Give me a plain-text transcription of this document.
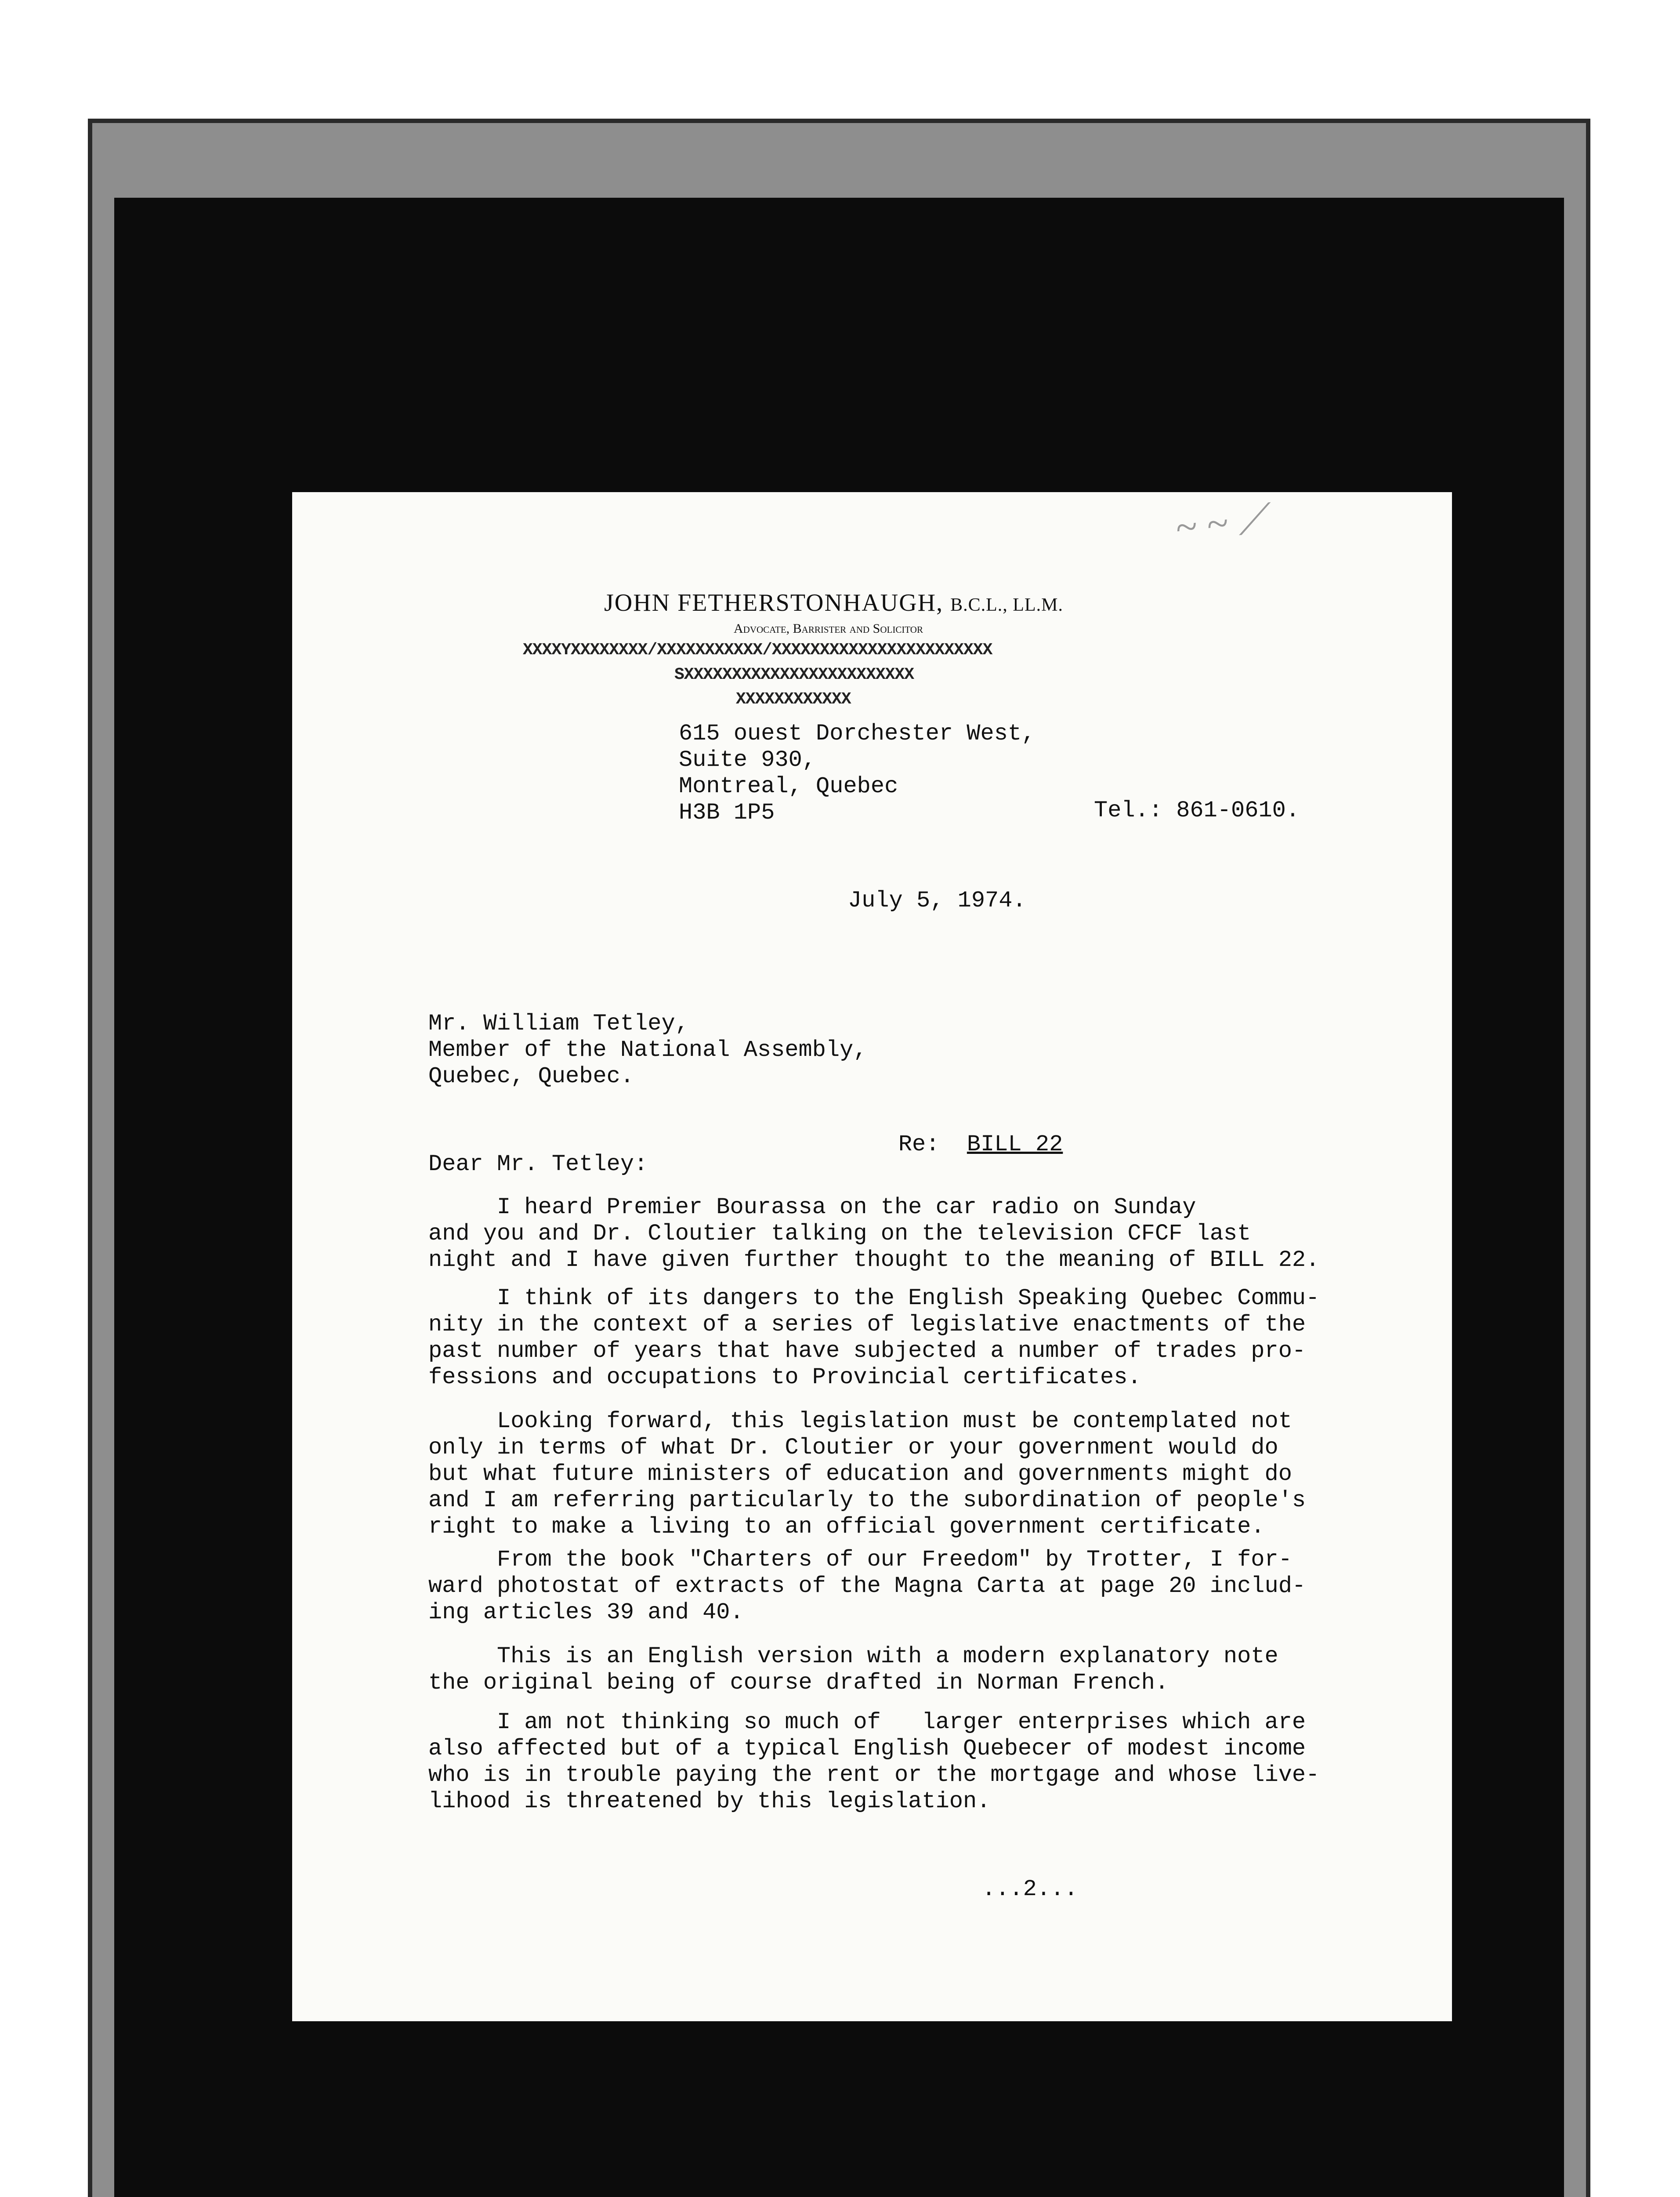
~ ~ ⟋
JOHN FETHERSTONHAUGH, B.C.L., LL.M.
Advocate, Barrister and Solicitor
XXXXYXXXXXXXX/XXXXXXXXXXX/XXXXXXXXXXXXXXXXXXXXXXX
SXXXXXXXXXXXXXXXXXXXXXXXX
XXXXXXXXXXXX
615 ouest Dorchester West,
Suite 930,
Montreal, Quebec
H3B 1P5	Tel.: 861-0610.
July 5, 1974.
Mr. William Tetley,
Member of the National Assembly,
Quebec, Quebec.

Re: BILL 22

Dear Mr. Tetley:
I heard Premier Bourassa on the car radio on Sunday
and you and Dr. Cloutier talking on the television CFCF last
night and I have given further thought to the meaning of BILL 22.
I think of its dangers to the English Speaking Quebec Commu-
nity in the context of a series of legislative enactments of the
past number of years that have subjected a number of trades pro-
fessions and occupations to Provincial certificates.
Looking forward, this legislation must be contemplated not
only in terms of what Dr. Cloutier or your government would do
but what future ministers of education and governments might do
and I am referring particularly to the subordination of people's
right to make a living to an official government certificate.
From the book "Charters of our Freedom" by Trotter, I for-
ward photostat of extracts of the Magna Carta at page 20 includ-
ing articles 39 and 40.
This is an English version with a modern explanatory note
the original being of course drafted in Norman French.
I am not thinking so much of   larger enterprises which are
also affected but of a typical English Quebecer of modest income
who is in trouble paying the rent or the mortgage and whose live-
lihood is threatened by this legislation.
...2...
